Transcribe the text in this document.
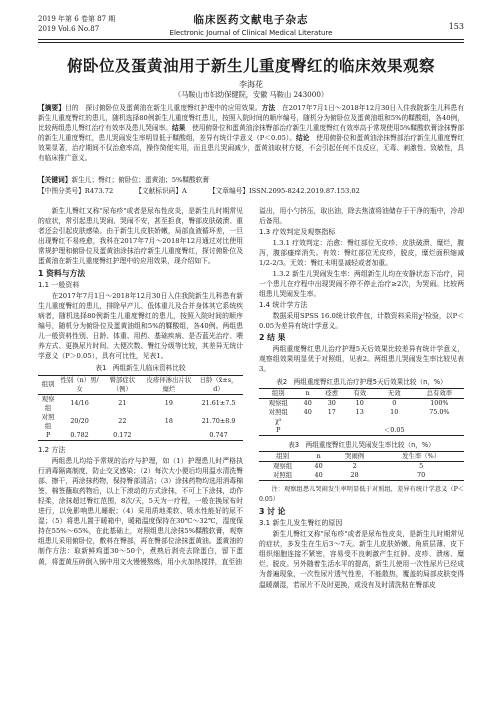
2019 年第 6 卷第 87 期
2019 Vol.6 No.87
临床医药文献电子杂志
Electronic Journal of Clinical Medical Literature
153
俯卧位及蛋黄油用于新生儿重度臀红的临床效果观察
李海花
（马鞍山市妇幼保健院，安徽 马鞍山 243000）
【摘要】目的　探讨俯卧位及蛋黄油在新生儿重度臀红护理中的应用效果。方法　 在2017年7月1日～2018年12月30日入住我院新生儿科患有新生儿重度臀红的患儿，随机选择80例新生儿重度臀红患儿，按照入院时间的顺序编号，随机分为俯卧位及蛋黄油组和5%的鞣酸组，各40例，比较两组患儿臀红治疗有效率及患儿哭闹率。结果　 使用俯卧位和蛋黄油涂抹臀部治疗新生儿重度臀红有效率高于常规使用5%鞣酸软膏涂抹臀部的新生儿重度臀红，患儿哭闹发生率明显低于鞣酸组，差异有统计学意义（P＜0.05）。结论　 使用俯卧位和蛋黄油涂抹臀部治疗新生儿重度臀红效果显著，治疗期间不仅治愈率高，操作简便实用，而且患儿哭闹减少，蛋黄油取材方便，不会引起任何不良反应，无毒、刺激性、致敏性，具有临床推广意义。
【关键词】新生儿；臀红；俯卧位；蛋黄油；5%鞣酸软膏
【中图分类号】R473.72	【文献标识码】A	【文章编号】ISSN.2095-8242.2019.87.153.02

新生儿臀红又称"尿布疹"或者是尿布性皮炎，是新生儿时期常见的症状，常引起患儿哭闹、哭闹不安，甚至拒食，臀部皮肤破溃、重者还会引起皮肤感染。由于新生儿皮肤娇嫩，局部血液循环差，一旦出现臀红不易痊愈，我科在2017年7月～2018年12月通过对比使用常规护理和俯卧位及蛋黄油涂抹治疗新生儿重度臀红，探讨俯卧位及蛋黄油在新生儿重度臀红护理中的应用效果，现介绍如下。

1 资料与方法
1.1 一般资料

在2017年7月1日～2018年12月30日入住我院新生儿科患有新生儿重度臀红的患儿，排除早产儿、低体重儿及合并身体其它系统疾病者，随机选择80例新生儿重度臀红的患儿，按照入院时间的顺序编号，随机分为俯卧位及蛋黄油组和5%的鞣酸组，各40例。两组患儿一般资料性别、日龄、体重、用药、基础疾病、是否蓝光治疗、喂养方式、更换尿片时间、大便次数、臀红分级等比较，其差异无统计学意义（P＞0.05），具有可比性，见表1。

表1　两组新生儿临床资料比较
组别	性别（n）男/女	臀部症状（例）	皮疹伴渗出片状糜烂	日龄（x̄±s，d）
观察组	14/16	21	19	21.61±7.5
对照组	20/20	22	18	21.70±8.9
P	0.782	0.172		0.747
1.2 方法

两组患儿均给予常规的治疗与护理，如（1）护理患儿时严格执行消毒隔离制度，防止交叉感染；（2）每次大小便后均用温水清洗臀部、擦干，再涂抹药物，保持臀部清洁；（3）涂抹药物均选用消毒棉签，棉签蘸取药物后，以上下滚动的方式涂抹，不可上下涂抹，动作轻柔，涂抹超过臀红范围，8次/天，5天为一疗程，一般在换尿布时进行，以免影响患儿睡眠；（4）采用质地柔软、吸水性能好的尿不湿；（5）将患儿置于暖箱中，暖箱温度保持在30℃～32℃，湿度保持在55%～65%，在此基础上，对照组患儿涂抹5%鞣酸软膏，观察组患儿采用俯卧位，敷料在臀部，再在臀部位涂抹蛋黄油。蛋黄油的制作方法：取新鲜鸡蛋30～50个，煮熟后剥壳去除蛋白，留下蛋黄，将蛋黄压碎倒入锅中用文火慢慢熬炼，用小火加热搅拌，直至油

溢出，用小勺挤压，取出油，除去焦渣将油储存于干净的瓶中，冷却后备用。

1.3 疗效判定及观察指标

1.3.1 疗效判定：治愈：臀红部位无皮疹、皮肤破溃、糜烂，腹泻，腹部瘙痒消失。有效：臀红部位无皮疹，脱皮，糜烂面积缩减1/2-2/3。无效：臀红未明显减轻或者加重。

1.3.2 新生儿哭闹发生率：两组新生儿均在安静状态下治疗，同一个患儿在疗程中出现哭闹不停不停止治疗≥2次，为哭闹。比较两组患儿哭闹发生率。

1.4 统计学方法

数据采用SPSS 16.0统计软件包，计数资料采用χ²检验，以P＜0.05为差异有统计学意义。

2 结 果

两组重度臀红患儿治疗护理5天后效果比较差异有统计学意义，观察组效果明显优于对照组，见表2。两组患儿哭闹发生率比较见表3。

表2　两组重度臀红患儿治疗护理5天后效果比较（n，%）
组别	n	痊愈	有效	无效	总有效率
观察组	40	30	10	0	100%
对照组	40	17	13	10	75.0%
χ²					
P				＜0.05	
表3　两组重度臀红患儿哭闹发生率比较（n，%）
组别	n	哭闹例	发生率（%）
观察组	40	2	5
对照组	40	28	70

注：观察组患儿哭闹发生率明显低于对照组，差异有统计学意义（P＜0.05）

3 讨 论
3.1 新生儿发生臀红的原因

新生儿臀红又称"尿布疹"或者是尿布性皮炎，是新生儿时期常见的症状，多发生在生后3～7天。新生儿皮肤娇嫩、角质层薄、皮下组织细胞连接不紧密，容易受不良刺激产生红肿、皮疹、溃疡、糜烂、脱皮。另外随着生活水平的提高，新生儿使用一次性尿片已经成为普遍现象，一次性尿片透气性差，不能散热，覆盖的局部皮肤变得温暖潮湿，若尿片不及时更换，或没有及时清洗粘在臀部皮
